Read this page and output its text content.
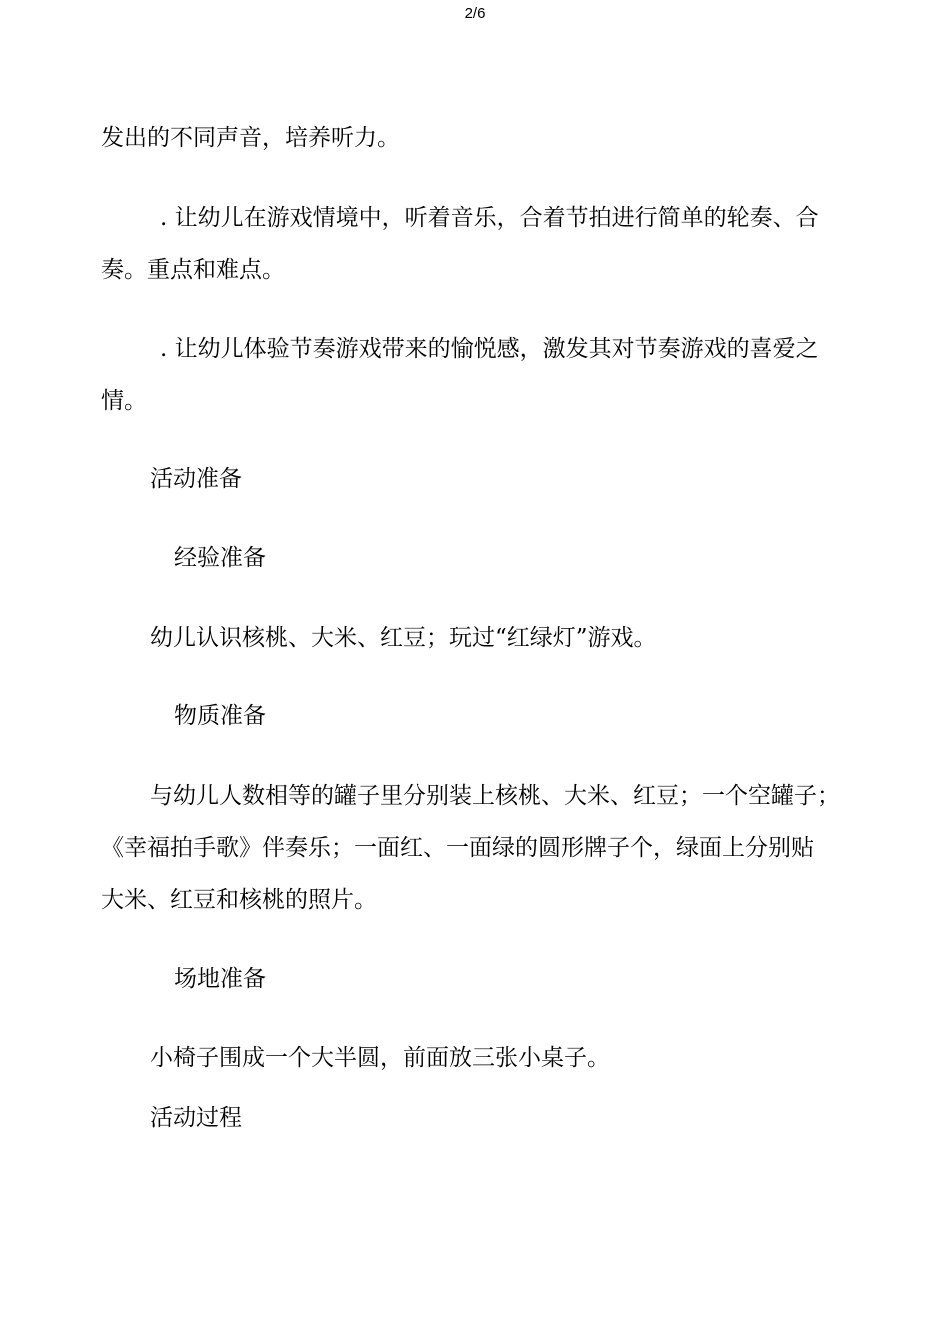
2/6

发出的不同声音，培养听力。

. 让幼儿在游戏情境中，听着音乐，合着节拍进行简单的轮奏、合

奏。重点和难点。

. 让幼儿体验节奏游戏带来的愉悦感，激发其对节奏游戏的喜爱之

情。

活动准备

经验准备

幼儿认识核桃、大米、红豆；玩过“红绿灯”游戏。

物质准备

与幼儿人数相等的罐子里分别装上核桃、大米、红豆；一个空罐子；

《幸福拍手歌》伴奏乐；一面红、一面绿的圆形牌子个，绿面上分别贴

大米、红豆和核桃的照片。

场地准备

小椅子围成一个大半圆，前面放三张小桌子。

活动过程
